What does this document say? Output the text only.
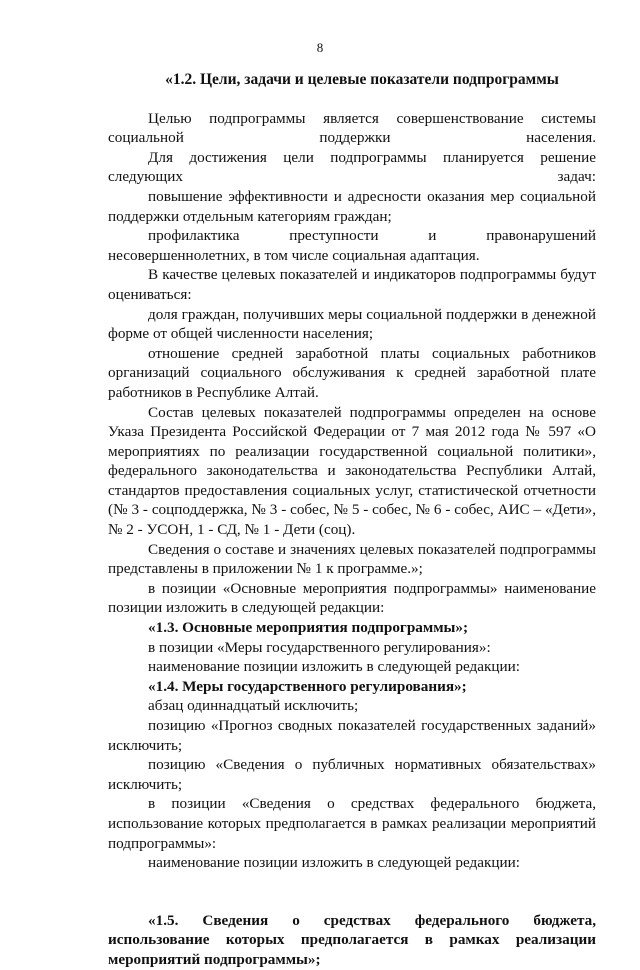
8
«1.2. Цели, задачи и целевые показатели подпрограммы

Целью подпрограммы является совершенствование системы социальной поддержки населения.

Для достижения цели подпрограммы планируется решение следующих задач:

повышение эффективности и адресности оказания мер социальной поддержки отдельным категориям граждан;

профилактика преступности и правонарушений несовершеннолетних, в том числе социальная адаптация.

В качестве целевых показателей и индикаторов подпрограммы будут оцениваться:

доля граждан, получивших меры социальной поддержки в денежной форме от общей численности населения;

отношение средней заработной платы социальных работников организаций социального обслуживания к средней заработной плате работников в Республике Алтай.

Состав целевых показателей подпрограммы определен на основе Указа Президента Российской Федерации от 7 мая 2012 года № 597 «О мероприятиях по реализации государственной социальной политики», федерального законодательства и законодательства Республики Алтай, стандартов предоставления социальных услуг, статистической отчетности (№ 3 - соцподдержка, № 3 - собес, № 5 - собес, № 6 - собес, АИС – «Дети», № 2 - УСОН, 1 - СД, № 1 - Дети (соц).

Сведения о составе и значениях целевых показателей подпрограммы представлены в приложении № 1 к программе.»;

в позиции «Основные мероприятия подпрограммы» наименование позиции изложить в следующей редакции:

«1.3. Основные мероприятия подпрограммы»;

в позиции «Меры государственного регулирования»:

наименование позиции изложить в следующей редакции:

«1.4. Меры государственного регулирования»;

абзац одиннадцатый исключить;

позицию «Прогноз сводных показателей государственных заданий» исключить;

позицию «Сведения о публичных нормативных обязательствах» исключить;

в позиции «Сведения о средствах федерального бюджета, использование которых предполагается в рамках реализации мероприятий подпрограммы»:

наименование позиции изложить в следующей редакции:

«1.5. Сведения о средствах федерального бюджета, использование которых предполагается в рамках реализации мероприятий подпрограммы»;
